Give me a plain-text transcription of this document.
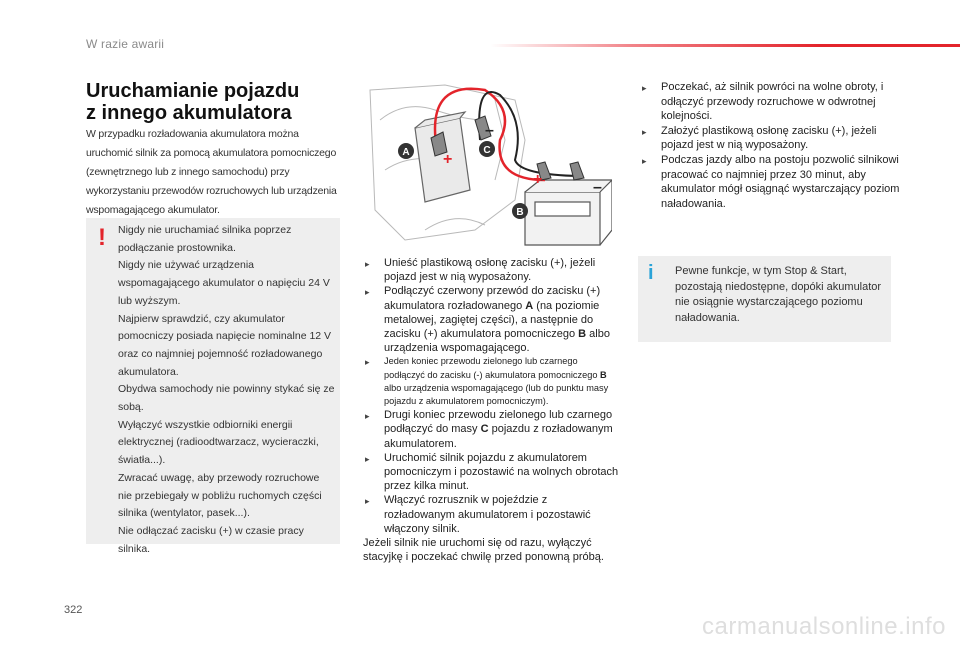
W razie awarii
Uruchamianie pojazdu
z innego akumulatora
W przypadku rozładowania akumulatora można uruchomić silnik za pomocą akumulatora pomocniczego (zewnętrznego lub z innego samochodu) przy wykorzystaniu przewodów rozruchowych lub urządzenia wspomagającego akumulator.
! Nigdy nie uruchamiać silnika poprzez podłączanie prostownika.
Nigdy nie używać urządzenia wspomagającego akumulator o napięciu 24 V lub wyższym.
Najpierw sprawdzić, czy akumulator pomocniczy posiada napięcie nominalne 12 V oraz co najmniej pojemność rozładowanego akumulatora.
Obydwa samochody nie powinny stykać się ze sobą.
Wyłączyć wszystkie odbiorniki energii elektrycznej (radioodtwarzacz, wycieraczki, światła...).
Zwracać uwagę, aby przewody rozruchowe nie przebiegały w pobliżu ruchomych części silnika (wentylator, pasek...).
Nie odłączać zacisku (+) w czasie pracy silnika.
+
–
+	–
A	C
B
▸ Unieść plastikową osłonę zacisku (+), jeżeli pojazd jest w nią wyposażony.
▸ Podłączyć czerwony przewód do zacisku (+) akumulatora rozładowanego A (na poziomie metalowej, zagiętej części), a następnie do zacisku (+) akumulatora pomocniczego B albo urządzenia wspomagającego.
▸ Jeden koniec przewodu zielonego lub czarnego podłączyć do zacisku (-) akumulatora pomocniczego B albo urządzenia wspomagającego (lub do punktu masy pojazdu z akumulatorem pomocniczym).
▸ Drugi koniec przewodu zielonego lub czarnego podłączyć do masy C pojazdu z rozładowanym akumulatorem.
▸ Uruchomić silnik pojazdu z akumulatorem pomocniczym i pozostawić na wolnych obrotach przez kilka minut.
▸ Włączyć rozrusznik w pojeździe z rozładowanym akumulatorem i pozostawić włączony silnik.
Jeżeli silnik nie uruchomi się od razu, wyłączyć stacyjkę i poczekać chwilę przed ponowną próbą.
▸ Poczekać, aż silnik powróci na wolne obroty, i odłączyć przewody rozruchowe w odwrotnej kolejności.
▸ Założyć plastikową osłonę zacisku (+), jeżeli pojazd jest w nią wyposażony.
▸ Podczas jazdy albo na postoju pozwolić silnikowi pracować co najmniej przez 30 minut, aby akumulator mógł osiągnąć wystarczający poziom naładowania.
i	Pewne funkcje, w tym Stop & Start, pozostają niedostępne, dopóki akumulator nie osiągnie wystarczającego poziomu naładowania.
322
carmanualsonline.info
